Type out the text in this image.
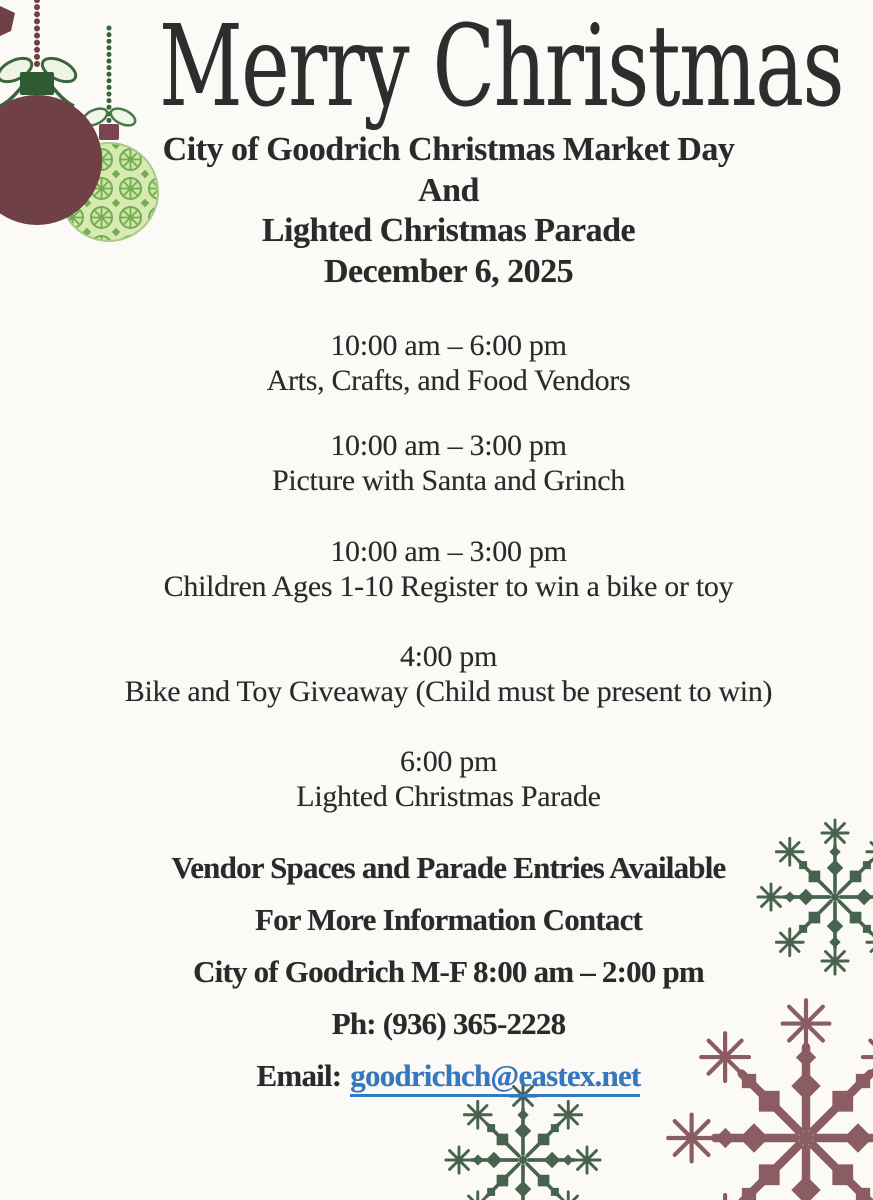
Merry Christmas
City of Goodrich Christmas Market Day
And
Lighted Christmas Parade
December 6, 2025
10:00 am – 6:00 pm
Arts, Crafts, and Food Vendors
10:00 am – 3:00 pm
Picture with Santa and Grinch
10:00 am – 3:00 pm
Children Ages 1-10 Register to win a bike or toy
4:00 pm
Bike and Toy Giveaway (Child must be present to win)
6:00 pm
Lighted Christmas Parade
Vendor Spaces and Parade Entries Available
For More Information Contact
City of Goodrich M-F 8:00 am – 2:00 pm
Ph: (936) 365-2228
Email: goodrichch@eastex.net
